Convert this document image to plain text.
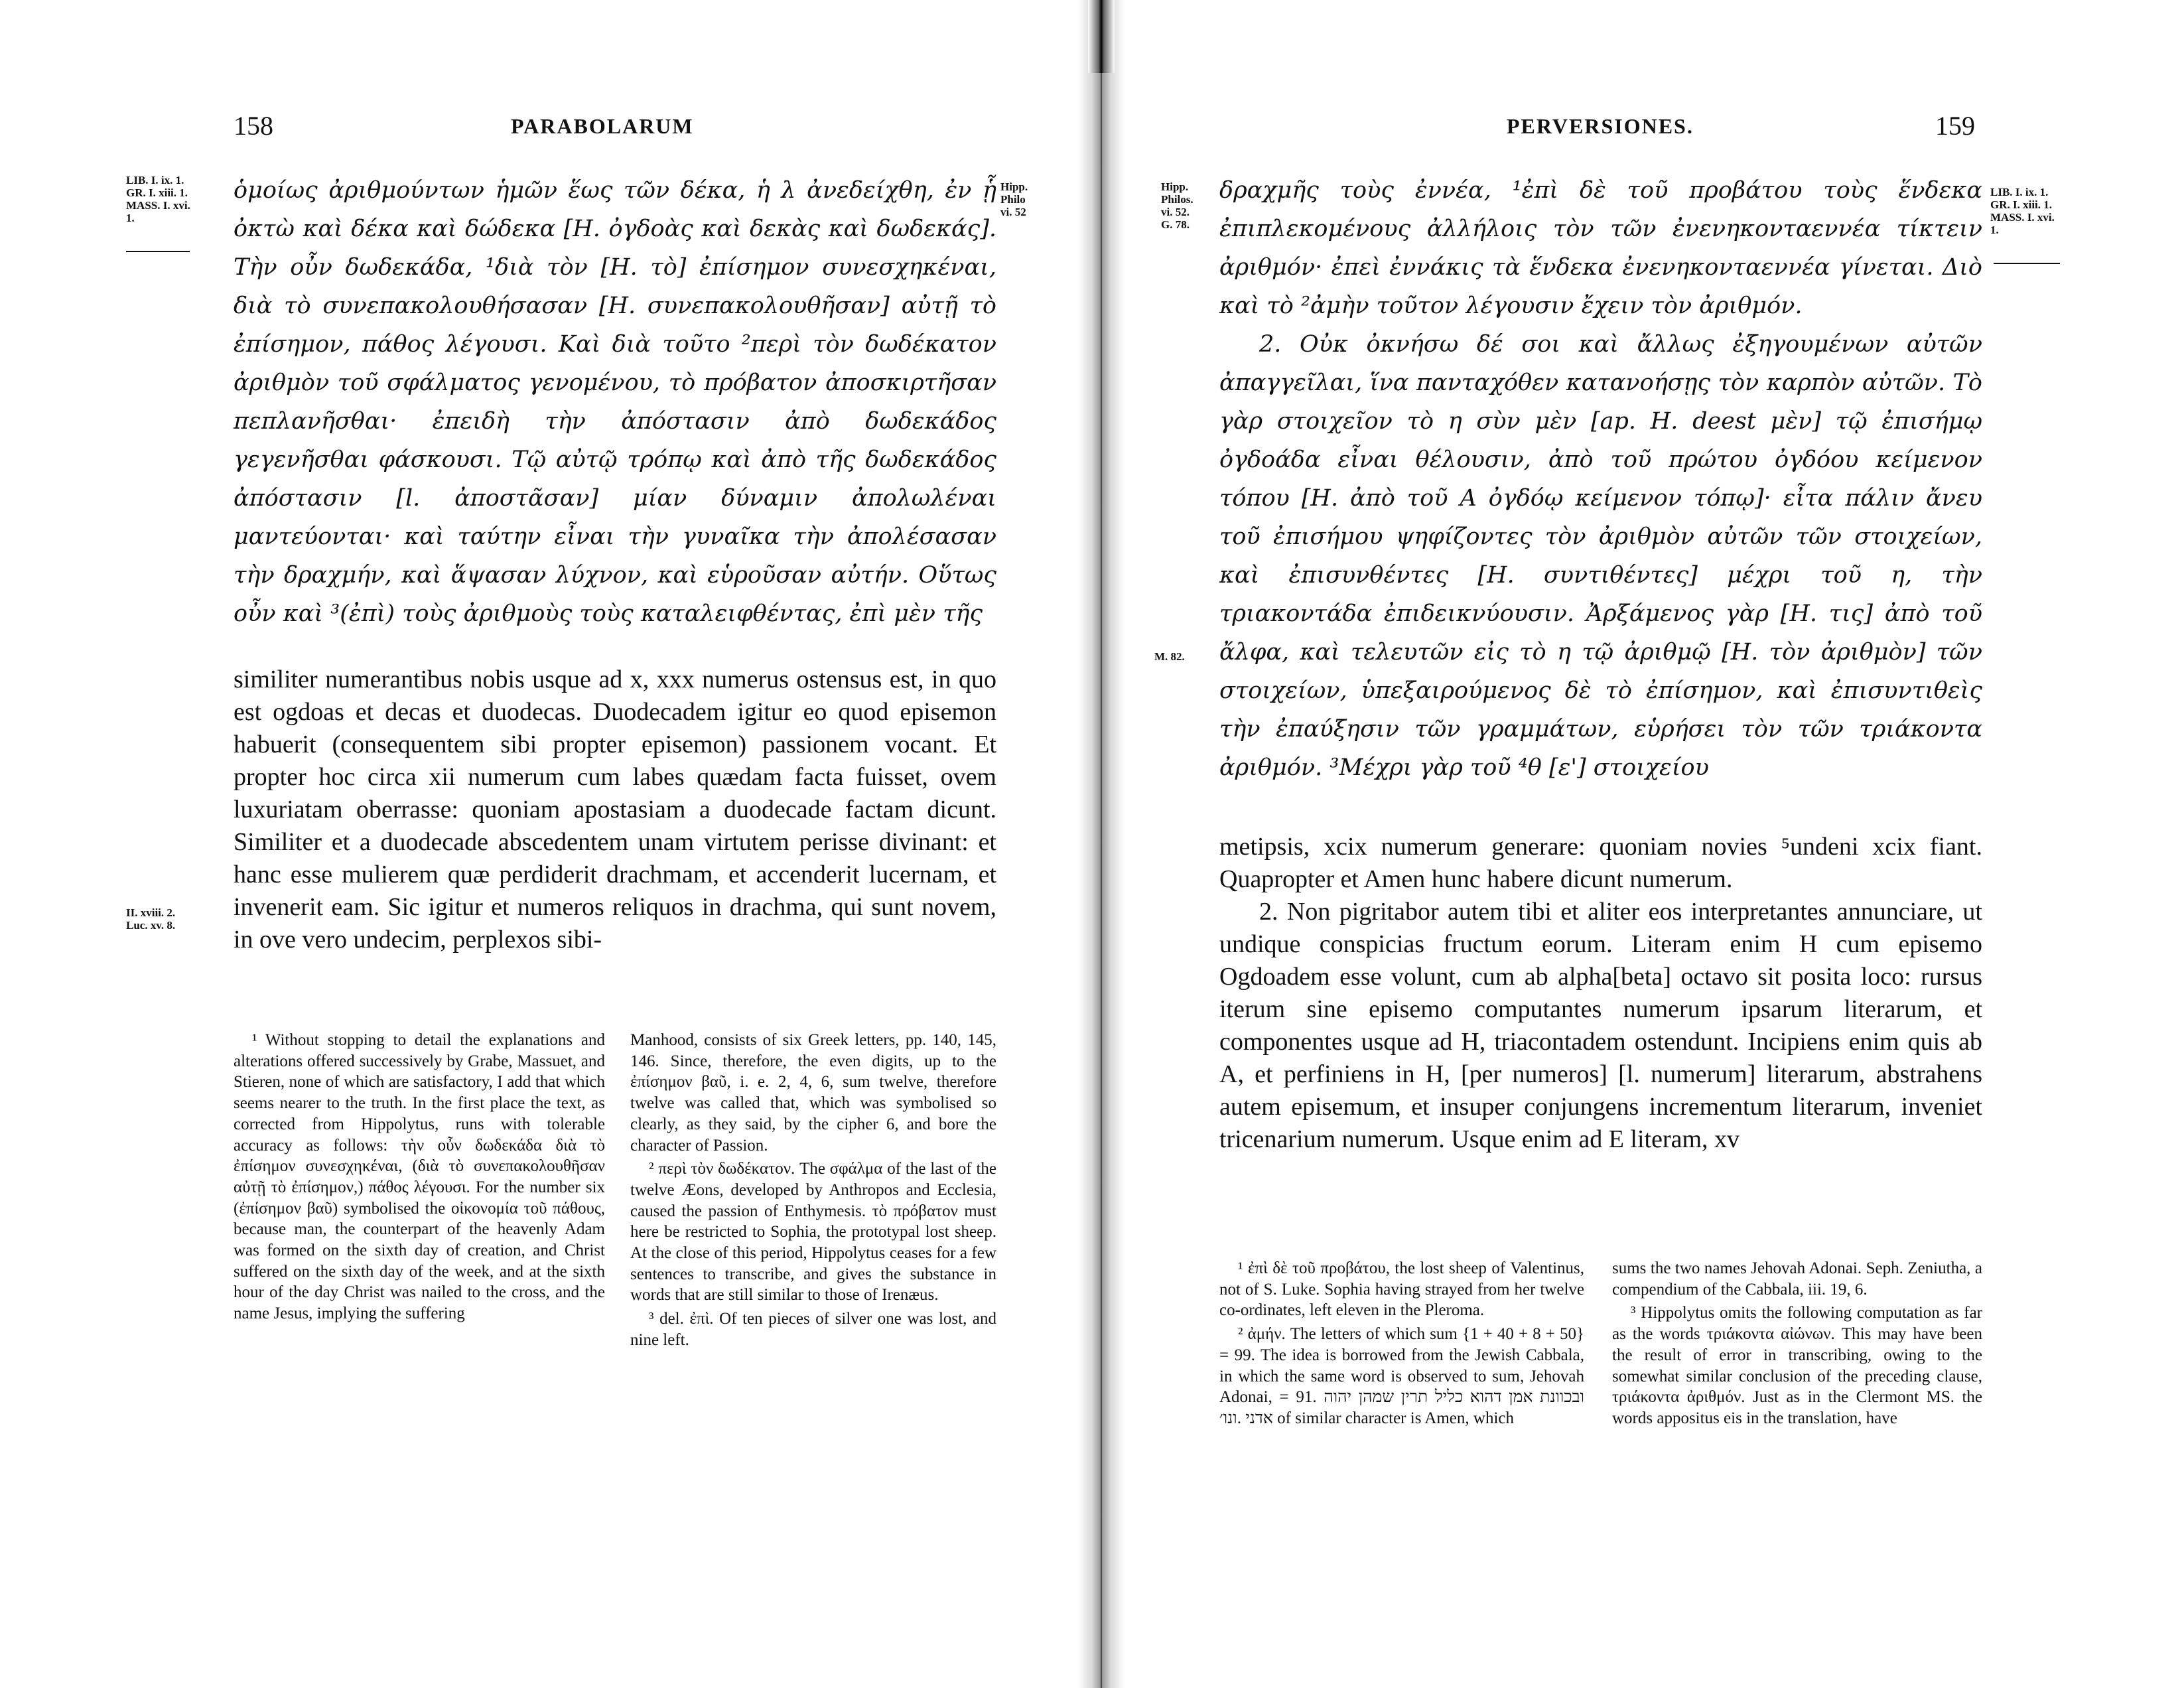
158	PARABOLARUM
LIB. I. ix. 1.
GR. I. xiii. 1.
MASS. I. xvi.
1.
Hipp.
Philo
vi. 52

ὁμοίως ἀριθμούντων ἡμῶν ἕως τῶν δέκα, ἡ λ ἀνεδείχθη, ἐν ᾗ ὀκτὼ καὶ δέκα καὶ δώδεκα [Η. ὀγδοὰς καὶ δεκὰς καὶ δωδεκάς]. Τὴν οὖν δωδεκάδα, ¹διὰ τὸν [Η. τὸ] ἐπίσημον συνεσχηκέναι, διὰ τὸ συνεπακολουθήσασαν [Η. συνεπακολουθῆσαν] αὐτῇ τὸ ἐπίσημον, πάθος λέγουσι. Καὶ διὰ τοῦτο ²περὶ τὸν δωδέκατον ἀριθμὸν τοῦ σφάλματος γενομένου, τὸ πρόβατον ἀποσκιρτῆσαν πεπλανῆσθαι· ἐπειδὴ τὴν ἀπόστασιν ἀπὸ δωδεκάδος γεγενῆσθαι φάσκουσι. Τῷ αὐτῷ τρόπῳ καὶ ἀπὸ τῆς δωδεκάδος ἀπόστασιν [l. ἀποστᾶσαν] μίαν δύναμιν ἀπολωλέναι μαντεύονται· καὶ ταύτην εἶναι τὴν γυναῖκα τὴν ἀπολέσασαν τὴν δραχμήν, καὶ ἅψασαν λύχνον, καὶ εὑροῦσαν αὐτήν. Οὕτως οὖν καὶ ³(ἐπὶ) τοὺς ἀριθμοὺς τοὺς καταλειφθέντας, ἐπὶ μὲν τῆς

similiter numerantibus nobis usque ad x, xxx numerus ostensus est, in quo est ogdoas et decas et duodecas. Duodecadem igitur eo quod episemon habuerit (consequentem sibi propter episemon) passionem vocant. Et propter hoc circa xii numerum cum labes quædam facta fuisset, ovem luxuriatam oberrasse: quoniam apostasiam a duodecade factam dicunt. Similiter et a duodecade abscedentem unam virtutem perisse divinant: et hanc esse mulierem quæ perdiderit drachmam, et accenderit lucernam, et invenerit eam. Sic igitur et numeros reliquos in drachma, qui sunt novem, in ove vero undecim, perplexos sibi-

II. xviii. 2.
Luc. xv. 8.

¹ Without stopping to detail the explanations and alterations offered successively by Grabe, Massuet, and Stieren, none of which are satisfactory, I add that which seems nearer to the truth. In the first place the text, as corrected from Hippolytus, runs with tolerable accuracy as follows: τὴν οὖν δωδεκάδα διὰ τὸ ἐπίσημον συνεσχηκέναι, (διὰ τὸ συνεπακολουθῆσαν αὐτῇ τὸ ἐπίσημον,) πάθος λέγουσι. For the number six (ἐπίσημον βαῦ) symbolised the οἰκονομία τοῦ πάθους, because man, the counterpart of the heavenly Adam was formed on the sixth day of creation, and Christ suffered on the sixth day of the week, and at the sixth hour of the day Christ was nailed to the cross, and the name Jesus, implying the suffering

Manhood, consists of six Greek letters, pp. 140, 145, 146. Since, therefore, the even digits, up to the ἐπίσημον βαῦ, i. e. 2, 4, 6, sum twelve, therefore twelve was called that, which was symbolised so clearly, as they said, by the cipher 6, and bore the character of Passion.

² περὶ τὸν δωδέκατον. The σφάλμα of the last of the twelve Æons, developed by Anthropos and Ecclesia, caused the passion of Enthymesis. τὸ πρόβατον must here be restricted to Sophia, the prototypal lost sheep. At the close of this period, Hippolytus ceases for a few sentences to transcribe, and gives the substance in words that are still similar to those of Irenæus.

³ del. ἐπὶ. Of ten pieces of silver one was lost, and nine left.

PERVERSIONES.	159
Hipp.
Philos.
vi. 52.
G. 78.
LIB. I. ix. 1.
GR. I. xiii. 1.
MASS. I. xvi.
1.
M. 82.

δραχμῆς τοὺς ἐννέα, ¹ἐπὶ δὲ τοῦ προβάτου τοὺς ἕνδεκα ἐπιπλεκομένους ἀλλήλοις τὸν τῶν ἐνενηκονταεννέα τίκτειν ἀριθμόν· ἐπεὶ ἐννάκις τὰ ἕνδεκα ἐνενηκονταεννέα γίνεται. Διὸ καὶ τὸ ²ἀμὴν τοῦτον λέγουσιν ἔχειν τὸν ἀριθμόν.

2. Οὐκ ὀκνήσω δέ σοι καὶ ἄλλως ἐξηγουμένων αὐτῶν ἀπαγγεῖλαι, ἵνα πανταχόθεν κατανοήσῃς τὸν καρπὸν αὐτῶν. Τὸ γὰρ στοιχεῖον τὸ η σὺν μὲν [ap. H. deest μὲν] τῷ ἐπισήμῳ ὀγδοάδα εἶναι θέλουσιν, ἀπὸ τοῦ πρώτου ὀγδόου κείμενον τόπου [Η. ἀπὸ τοῦ Α ὀγδόῳ κείμενον τόπῳ]· εἶτα πάλιν ἄνευ τοῦ ἐπισήμου ψηφίζοντες τὸν ἀριθμὸν αὐτῶν τῶν στοιχείων, καὶ ἐπισυνθέντες [Η. συντιθέντες] μέχρι τοῦ η, τὴν τριακοντάδα ἐπιδεικνύουσιν. Ἀρξάμενος γὰρ [Η. τις] ἀπὸ τοῦ ἄλφα, καὶ τελευτῶν εἰς τὸ η τῷ ἀριθμῷ [Η. τὸν ἀριθμὸν] τῶν στοιχείων, ὑπεξαιρούμενος δὲ τὸ ἐπίσημον, καὶ ἐπισυντιθεὶς τὴν ἐπαύξησιν τῶν γραμμάτων, εὑρήσει τὸν τῶν τριάκοντα ἀριθμόν. ³Μέχρι γὰρ τοῦ ⁴θ [ε'] στοιχείου

metipsis, xcix numerum generare: quoniam novies ⁵undeni xcix fiant. Quapropter et Amen hunc habere dicunt numerum.

2. Non pigritabor autem tibi et aliter eos interpretantes annunciare, ut undique conspicias fructum eorum. Literam enim H cum episemo Ogdoadem esse volunt, cum ab alpha[beta] octavo sit posita loco: rursus iterum sine episemo computantes numerum ipsarum literarum, et componentes usque ad H, triacontadem ostendunt. Incipiens enim quis ab A, et perfiniens in H, [per numeros] [l. numerum] literarum, abstrahens autem episemum, et insuper conjungens incrementum literarum, inveniet tricenarium numerum. Usque enim ad E literam, xv

¹ ἐπὶ δὲ τοῦ προβάτου, the lost sheep of Valentinus, not of S. Luke. Sophia having strayed from her twelve co-ordinates, left eleven in the Pleroma.

² ἀμήν. The letters of which sum {1 + 40 + 8 + 50} = 99. The idea is borrowed from the Jewish Cabbala, in which the same word is observed to sum, Jehovah Adonai, = 91. ובכוונת אמן דהוא כליל תרין שמהן יהוה אדני ‏.ונו׳ of similar character is Amen, which

sums the two names Jehovah Adonai. Seph. Zeniutha, a compendium of the Cabbala, iii. 19, 6.

³ Hippolytus omits the following computation as far as the words τριάκοντα αἰώνων. This may have been the result of error in transcribing, owing to the somewhat similar conclusion of the preceding clause, τριάκοντα ἀριθμόν. Just as in the Clermont MS. the words appositus eis in the translation, have
